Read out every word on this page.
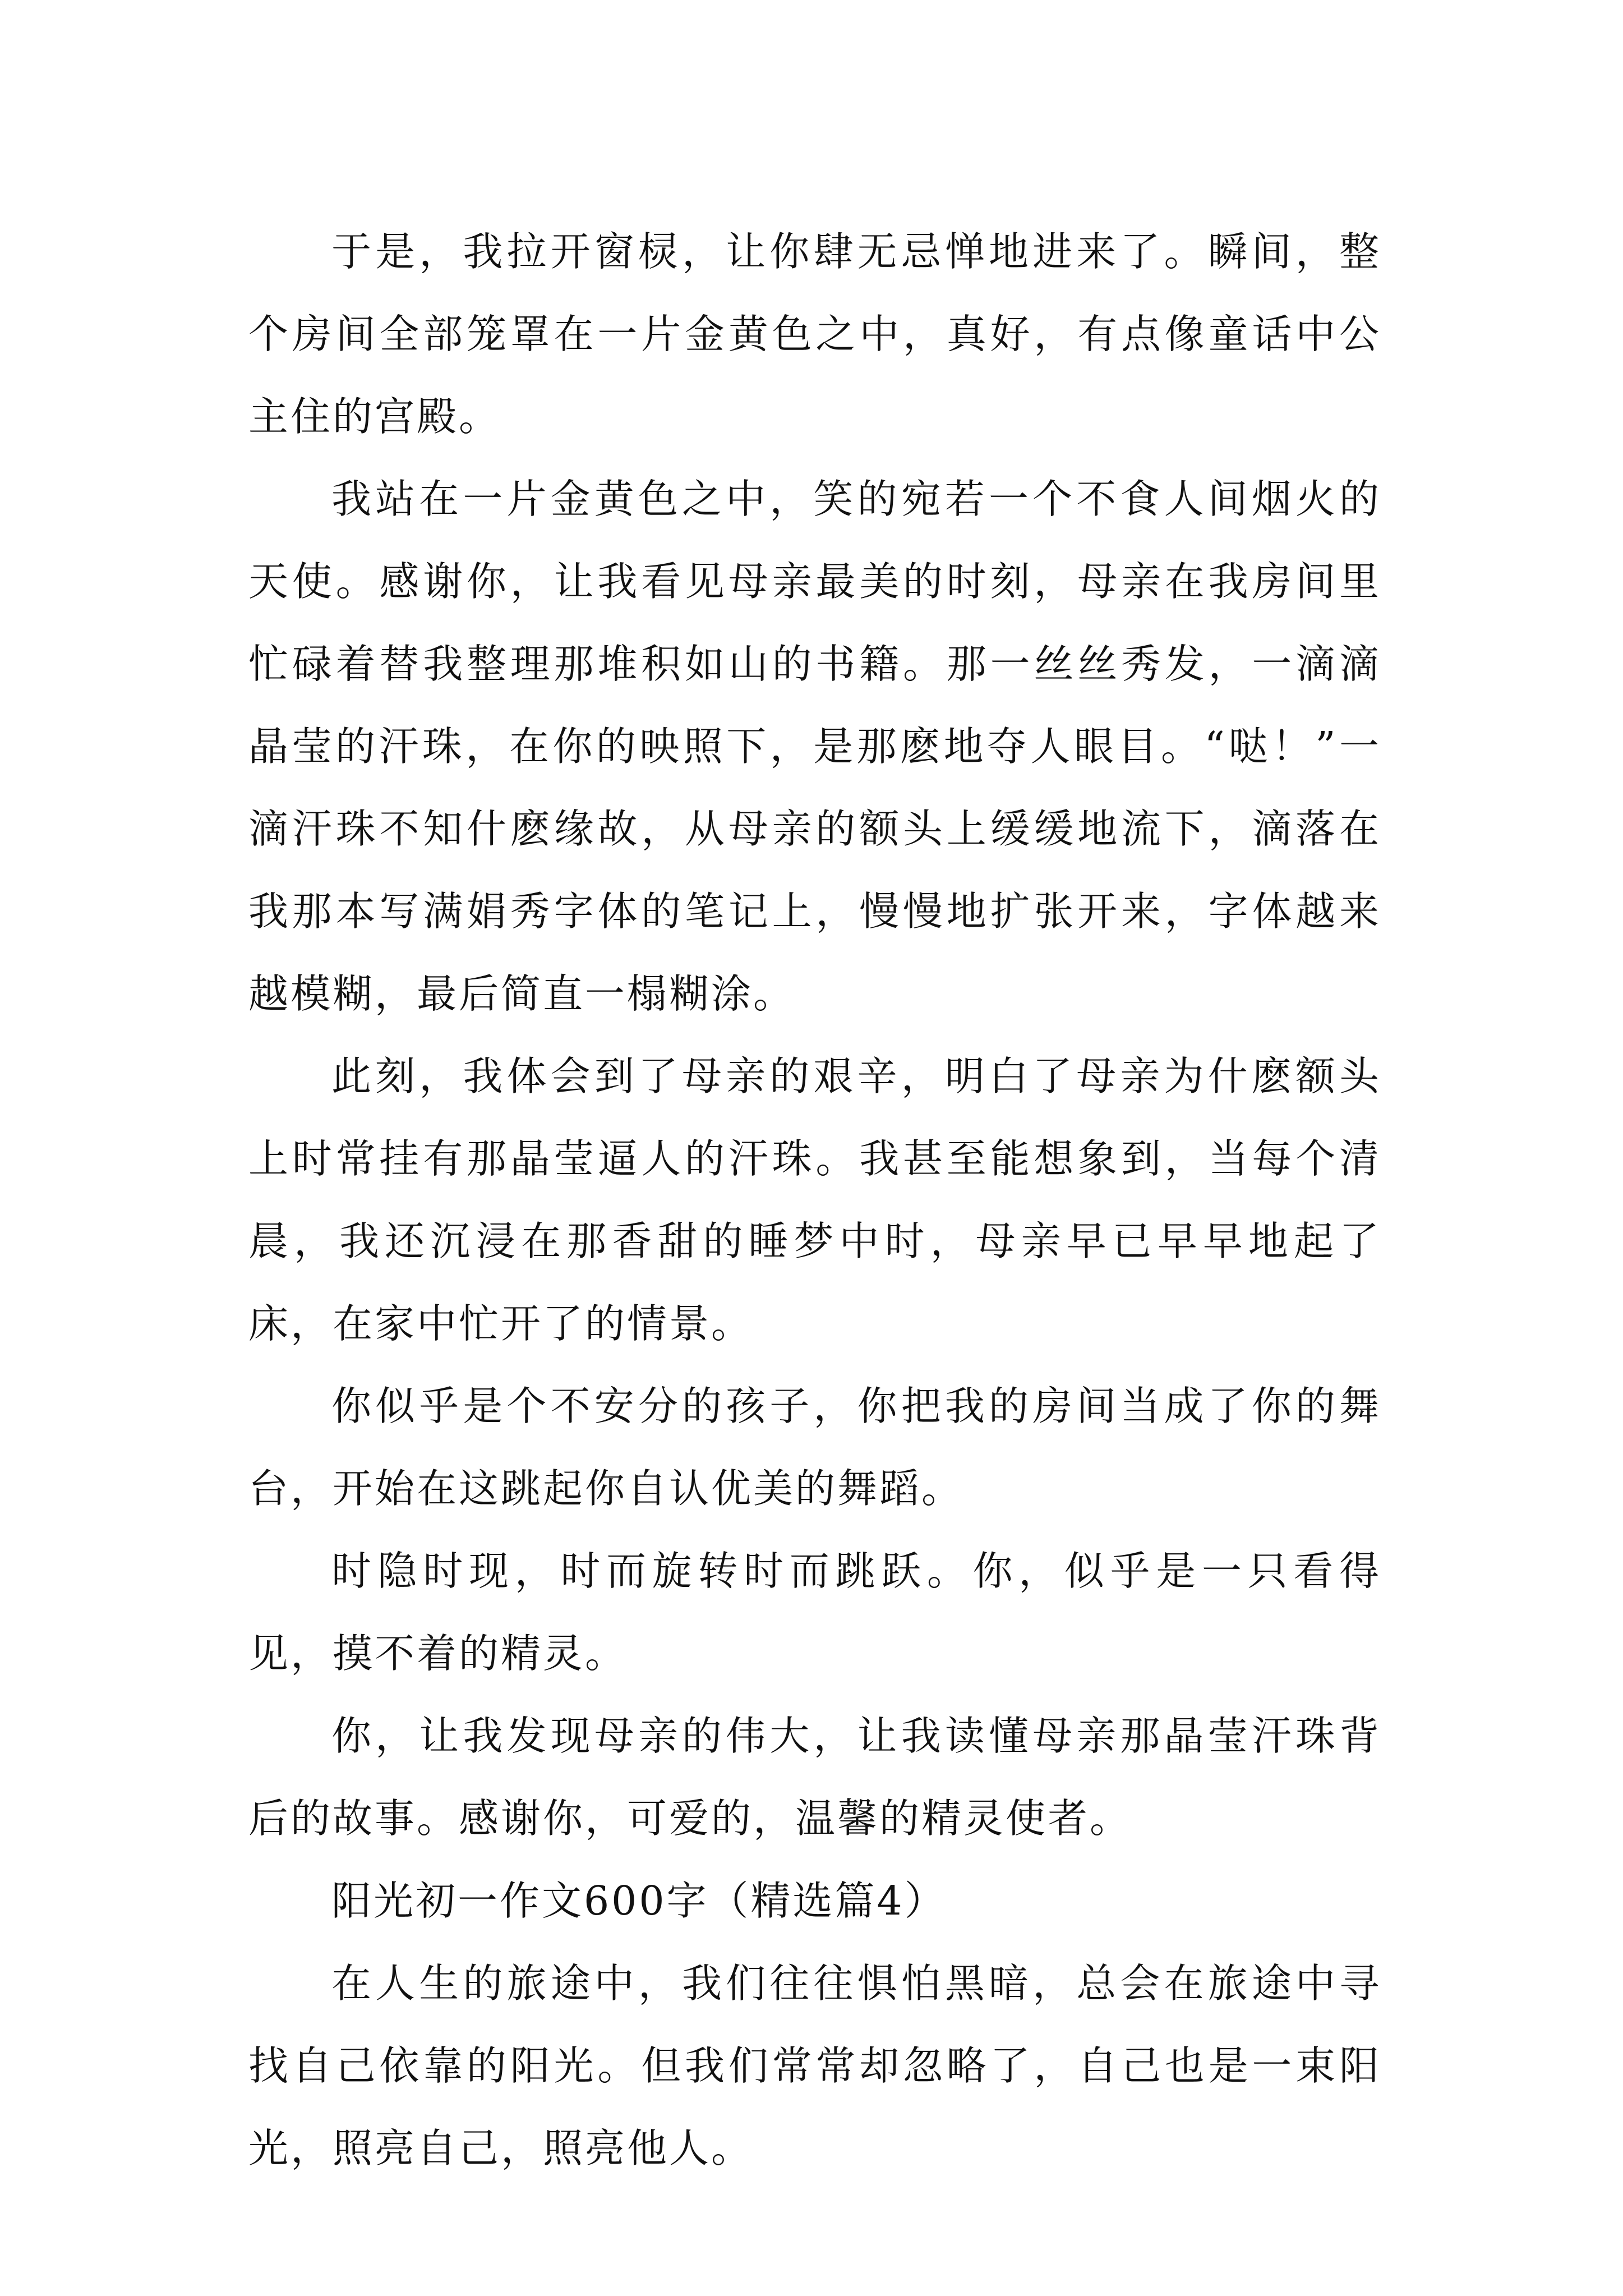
于是，我拉开窗棂，让你肆无忌惮地进来了。瞬间，整个房间全部笼罩在一片金黄色之中，真好，有点像童话中公主住的宫殿。

我站在一片金黄色之中，笑的宛若一个不食人间烟火的天使。感谢你，让我看见母亲最美的时刻，母亲在我房间里忙碌着替我整理那堆积如山的书籍。那一丝丝秀发，一滴滴晶莹的汗珠，在你的映照下，是那麽地夺人眼目。“哒！”一滴汗珠不知什麽缘故，从母亲的额头上缓缓地流下，滴落在我那本写满娟秀字体的笔记上，慢慢地扩张开来，字体越来越模糊，最后简直一榻糊涂。

此刻，我体会到了母亲的艰辛，明白了母亲为什麽额头上时常挂有那晶莹逼人的汗珠。我甚至能想象到，当每个清晨，我还沉浸在那香甜的睡梦中时，母亲早已早早地起了床，在家中忙开了的情景。

你似乎是个不安分的孩子，你把我的房间当成了你的舞台，开始在这跳起你自认优美的舞蹈。

时隐时现，时而旋转时而跳跃。你，似乎是一只看得见，摸不着的精灵。

你，让我发现母亲的伟大，让我读懂母亲那晶莹汗珠背后的故事。感谢你，可爱的，温馨的精灵使者。

阳光初一作文600字（精选篇4）

在人生的旅途中，我们往往惧怕黑暗，总会在旅途中寻找自己依靠的阳光。但我们常常却忽略了，自己也是一束阳光，照亮自己，照亮他人。
